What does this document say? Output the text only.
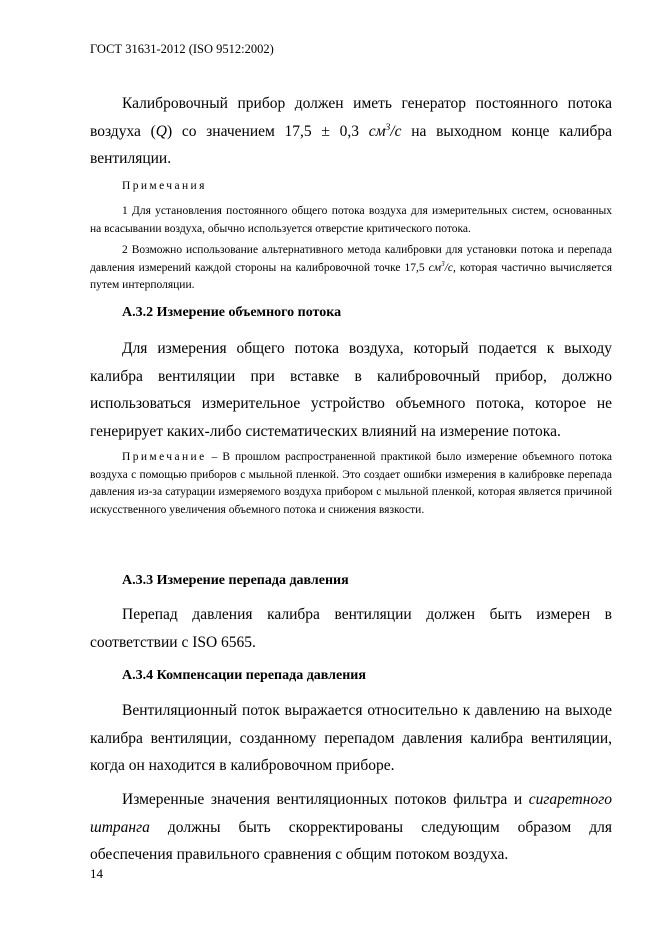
ГОСТ 31631-2012 (ISO 9512:2002)
Калибровочный прибор должен иметь генератор постоянного потока воздуха (Q) со значением 17,5 ± 0,3 $см^3/с$ на выходном конце калибра вентиляции.
Примечания
1 Для установления постоянного общего потока воздуха для измерительных систем, основанных на всасывании воздуха, обычно используется отверстие критического потока.
2 Возможно использование альтернативного метода калибровки для установки потока и перепада давления измерений каждой стороны на калибровочной точке 17,5 $см^3/с$, которая частично вычисляется путем интерполяции.
А.3.2 Измерение объемного потока
Для измерения общего потока воздуха, который подается к выходу калибра вентиляции при вставке в калибровочный прибор, должно использоваться измерительное устройство объемного потока, которое не генерирует каких-либо систематических влияний на измерение потока.
Примечание – В прошлом распространенной практикой было измерение объемного потока воздуха с помощью приборов с мыльной пленкой. Это создает ошибки измерения в калибровке перепада давления из-за сатурации измеряемого воздуха прибором с мыльной пленкой, которая является причиной искусственного увеличения объемного потока и снижения вязкости.
А.3.3 Измерение перепада давления
Перепад давления калибра вентиляции должен быть измерен в соответствии с ISO 6565.
А.3.4 Компенсации перепада давления
Вентиляционный поток выражается относительно к давлению на выходе калибра вентиляции, созданному перепадом давления калибра вентиляции, когда он находится в калибровочном приборе.
Измеренные значения вентиляционных потоков фильтра и сигаретного штранга должны быть скорректированы следующим образом для обеспечения правильного сравнения с общим потоком воздуха.
14
